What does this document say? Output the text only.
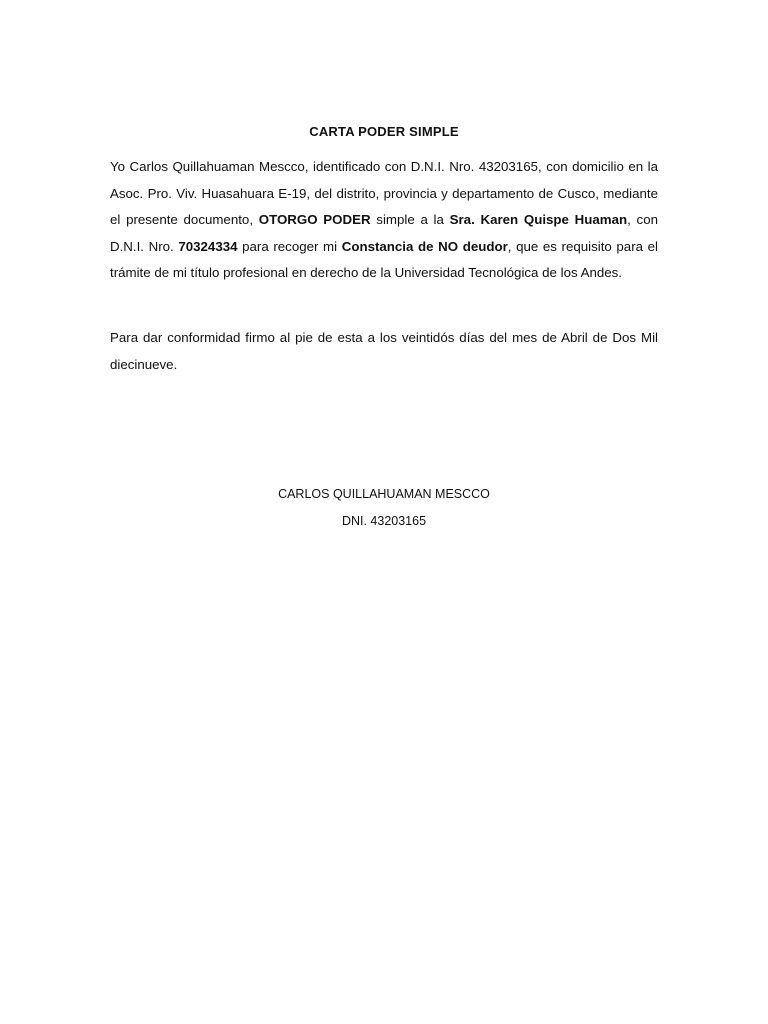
CARTA PODER SIMPLE

Yo Carlos Quillahuaman Mescco, identificado con D.N.I. Nro. 43203165, con domicilio en la Asoc. Pro. Viv. Huasahuara E-19, del distrito, provincia y departamento de Cusco, mediante el presente documento, OTORGO PODER simple a la Sra. Karen Quispe Huaman, con D.N.I. Nro. 70324334 para recoger mi Constancia de NO deudor, que es requisito para el trámite de mi título profesional en derecho de la Universidad Tecnológica de los Andes.

Para dar conformidad firmo al pie de esta a los veintidós días del mes de Abril de Dos Mil diecinueve.

CARLOS QUILLAHUAMAN MESCCO
DNI. 43203165
